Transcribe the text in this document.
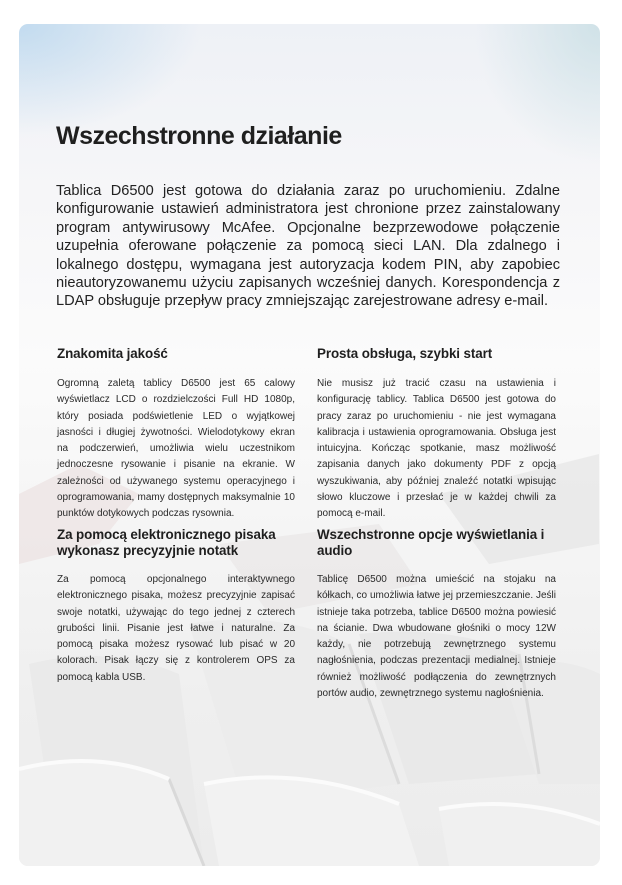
Wszechstronne działanie

Tablica D6500 jest gotowa do działania zaraz po uruchomieniu. Zdalne konfigurowanie ustawień administratora jest chronione przez zainstalowany program antywirusowy McAfee. Opcjonalne bezprzewodowe połączenie uzupełnia oferowane połączenie za pomocą sieci LAN. Dla zdalnego i lokalnego dostępu, wymagana jest autoryzacja kodem PIN, aby zapobiec nieautoryzowanemu użyciu zapisanych wcześniej danych. Korespondencja z LDAP obsługuje przepływ pracy zmniejszając zarejestrowane adresy e-mail.

Znakomita jakość

Ogromną zaletą tablicy D6500 jest 65 calowy wyświetlacz LCD o rozdzielczości Full HD 1080p, który posiada podświetlenie LED o wyjątkowej jasności i długiej żywotności. Wielodotykowy ekran na podczerwień, umożliwia wielu uczestnikom jednoczesne rysowanie i pisanie na ekranie. W zależności od używanego systemu operacyjnego i oprogramowania, mamy dostępnych maksymalnie 10 punktów dotykowych podczas rysownia.

Prosta obsługa, szybki start

Nie musisz już tracić czasu na ustawienia i konfigurację tablicy. Tablica D6500 jest gotowa do pracy zaraz po uruchomieniu - nie jest wymagana kalibracja i ustawienia oprogramowania. Obsługa jest intuicyjna. Kończąc spotkanie, masz możliwość zapisania danych jako dokumenty PDF z opcją wyszukiwania, aby później znaleźć notatki wpisując słowo kluczowe i przesłać je w każdej chwili za pomocą e-mail.

Za pomocą elektronicznego pisaka wykonasz precyzyjnie notatk

Za pomocą opcjonalnego interaktywnego elektronicznego pisaka, możesz precyzyjnie zapisać swoje notatki, używając do tego jednej z czterech grubości linii. Pisanie jest łatwe i naturalne. Za pomocą pisaka możesz rysować lub pisać w 20 kolorach. Pisak łączy się z kontrolerem OPS za pomocą kabla USB.

Wszechstronne opcje wyświetlania i audio

Tablicę D6500 można umieścić na stojaku na kółkach, co umożliwia łatwe jej przemieszczanie. Jeśli istnieje taka potrzeba, tablice D6500 można powiesić na ścianie. Dwa wbudowane głośniki o mocy 12W każdy, nie potrzebują zewnętrznego systemu nagłośnienia, podczas prezentacji medialnej. Istnieje również możliwość podłączenia do zewnętrznych portów audio, zewnętrznego systemu nagłośnienia.
